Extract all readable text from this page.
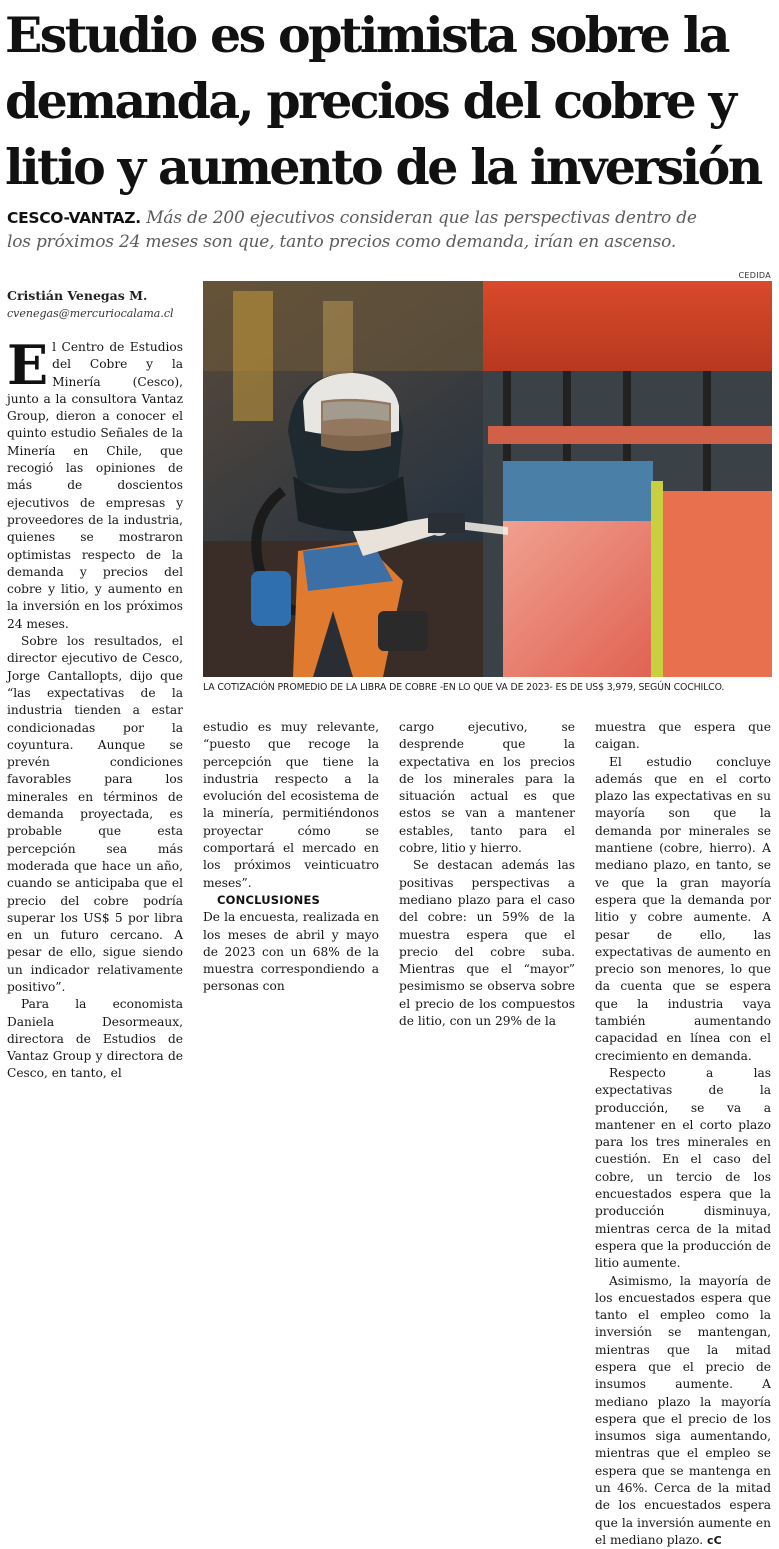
Estudio es optimista sobre la
demanda, precios del cobre y
litio y aumento de la inversión
CESCO-VANTAZ. Más de 200 ejecutivos consideran que las perspectivas dentro de
los próximos 24 meses son que, tanto precios como demanda, irían en ascenso.
Cristián Venegas M.
cvenegas@mercuriocalama.cl
CEDIDA
LA COTIZACIÓN PROMEDIO DE LA LIBRA DE COBRE -EN LO QUE VA DE 2023- ES DE US$ 3,979, SEGÚN COCHILCO.

El Centro de Estudios del Cobre y la Minería (Cesco), junto a la consultora Vantaz Group, dieron a conocer el quinto estudio Señales de la Minería en Chile, que recogió las opiniones de más de doscientos ejecutivos de empresas y proveedores de la industria, quienes se mostraron optimistas respecto de la demanda y precios del cobre y litio, y aumento en la inversión en los próximos 24 meses.

Sobre los resultados, el director ejecutivo de Cesco, Jorge Cantallopts, dijo que “las expectativas de la industria tienden a estar condicionadas por la coyuntura. Aunque se prevén condiciones favorables para los minerales en términos de demanda proyectada, es probable que esta percepción sea más moderada que hace un año, cuando se anticipaba que el precio del cobre podría superar los US$ 5 por libra en un futuro cercano. A pesar de ello, sigue siendo un indicador relativamente positivo”.

Para la economista Daniela Desormeaux, directora de Estudios de Vantaz Group y directora de Cesco, en tanto, el

estudio es muy relevante, “puesto que recoge la percepción que tiene la industria respecto a la evolución del ecosistema de la minería, permitiéndonos proyectar cómo se comportará el mercado en los próximos veinticuatro meses”.

CONCLUSIONES

De la encuesta, realizada en los meses de abril y mayo de 2023 con un 68% de la muestra correspondiendo a personas con

cargo ejecutivo, se desprende que la expectativa en los precios de los minerales para la situación actual es que estos se van a mantener estables, tanto para el cobre, litio y hierro.

Se destacan además las positivas perspectivas a mediano plazo para el caso del cobre: un 59% de la muestra espera que el precio del cobre suba. Mientras que el “mayor” pesimismo se observa sobre el precio de los compuestos de litio, con un 29% de la

muestra que espera que caigan.

El estudio concluye además que en el corto plazo las expectativas en su mayoría son que la demanda por minerales se mantiene (cobre, hierro). A mediano plazo, en tanto, se ve que la gran mayoría espera que la demanda por litio y cobre aumente. A pesar de ello, las expectativas de aumento en precio son menores, lo que da cuenta que se espera que la industria vaya también aumentando capacidad en línea con el crecimiento en demanda.

Respecto a las expectativas de la producción, se va a mantener en el corto plazo para los tres minerales en cuestión. En el caso del cobre, un tercio de los encuestados espera que la producción disminuya, mientras cerca de la mitad espera que la producción de litio aumente.

Asimismo, la mayoría de los encuestados espera que tanto el empleo como la inversión se mantengan, mientras que la mitad espera que el precio de insumos aumente. A mediano plazo la mayoría espera que el precio de los insumos siga aumentando, mientras que el empleo se espera que se mantenga en un 46%. Cerca de la mitad de los encuestados espera que la inversión aumente en el mediano plazo. ϲϹ
